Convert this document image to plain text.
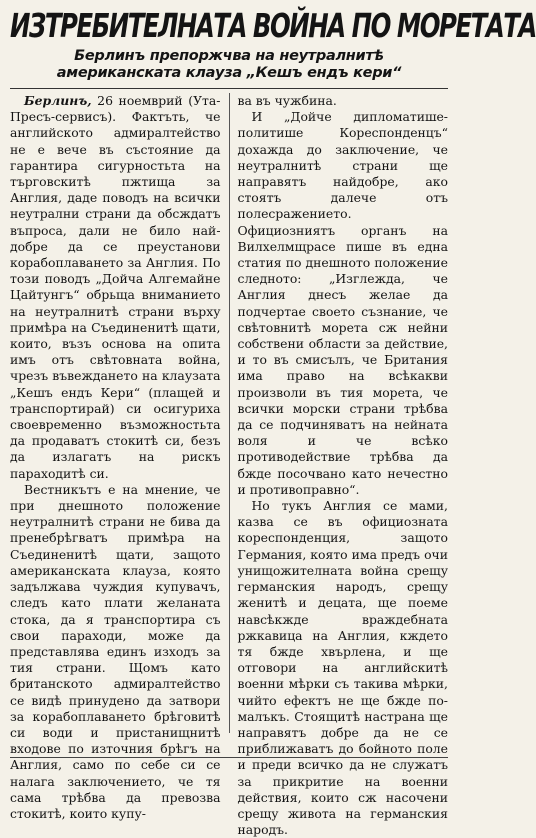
ИЗТРЕБИТЕЛНАТА ВОЙНА ПО МОРЕТАТА
Берлинъ препоржчва на неутралнитѣ американската клауза „Кешъ ендъ кери“

Берлинъ, 26 ноемврий (Ута-Пресъ-сервисъ). Фактъть, че английското адмиралтейство не е вече въ състояние да гарантира сигурностьта на търговскитѣ пжтища за Англия, даде поводъ на всички неутрални страни да обсждатъ въпроса, дали не било най-добре да се преустанови корабоплаването за Англия. По този поводъ „Дойча Алгемайне Цайтунгъ“ обрьща вниманието на неутралнитѣ страни върху примѣра на Съединенитѣ щати, които, възъ основа на опита имъ отъ свѣтовната война, чрезъ въвеждането на клаузата „Кешъ ендъ Кери“ (плащей и транспортирай) си осигуриха своевременно възможностьта да продаватъ стокитѣ си, безъ да излагатъ на рискъ параходитѣ си.

Вестникътъ е на мнение, че при днешното положение неутралнитѣ страни не бива да пренебрѣгватъ примѣра на Съединенитѣ щати, защото американската клауза, която задължава чуждия купувачъ, следъ като плати желаната стока, да я транспортира съ свои параходи, може да представлява единъ изходъ за тия страни. Щомъ като британското адмиралтейство се видѣ принудено да затвори за корабоплаването брѣговитѣ си води и пристанищнитѣ входове по източния брѣгъ на Англия, само по себе си се налага заключението, че тя сама трѣбва да превозва стокитѣ, които купу-

ва въ чужбина.

И „Дойче дипломатише-политише Кореспонденцъ“ дохажда до заключение, че неутралнитѣ страни ще направятъ найдобре, ако стоятъ далече отъ полесражението. Официозниятъ органъ на Вилхелмщрасе пише въ една статия по днешното положение следното: „Изглежда, че Англия днесъ желае да подчертае своето съзнание, че свѣтовнитѣ морета сж нейни собствени области за действие, и то въ смисълъ, че Британия има право на всѣкакви произволи въ тия морета, че всички морски страни трѣбва да се подчиняватъ на нейната воля и че всѣко противодействие трѣбва да бжде посочвано като нечестно и противоправно“.

Но тукъ Англия се мами, казва се въ официозната кореспонденция, защото Германия, която има предъ очи унищожителната война срещу германския народъ, срещу женитѣ и децата, ще поеме навсѣкжде враждебната ржкавица на Англия, кждето тя бжде хвърлена, и ще отговори на английскитѣ военни мѣрки съ такива мѣрки, чийто ефектъ не ще бжде по-малъкъ. Стоящитѣ настрана ще направятъ добре да не се приближаватъ до бойното поле и преди всичко да не служатъ за прикритие на военни действия, които сж насочени срещу живота на германския народъ.
